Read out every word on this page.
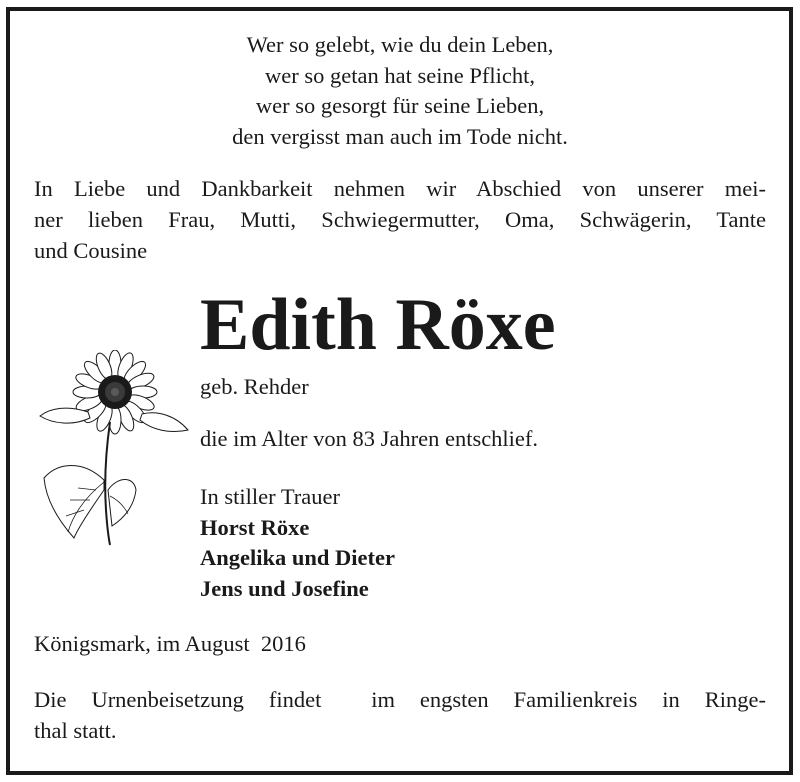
Wer so gelebt, wie du dein Leben,
wer so getan hat seine Pflicht,
wer so gesorgt für seine Lieben,
den vergisst man auch im Tode nicht.
In Liebe und Dankbarkeit nehmen wir Abschied von unserer mei-
ner lieben Frau, Mutti, Schwiegermutter, Oma, Schwägerin, Tante
und Cousine
Edith Röxe
geb. Rehder
die im Alter von 83 Jahren entschlief.
In stiller Trauer
Horst Röxe
Angelika und Dieter
Jens und Josefine
Königsmark, im August  2016
Die Urnenbeisetzung findet  im engsten Familienkreis in Ringe-
thal statt.
